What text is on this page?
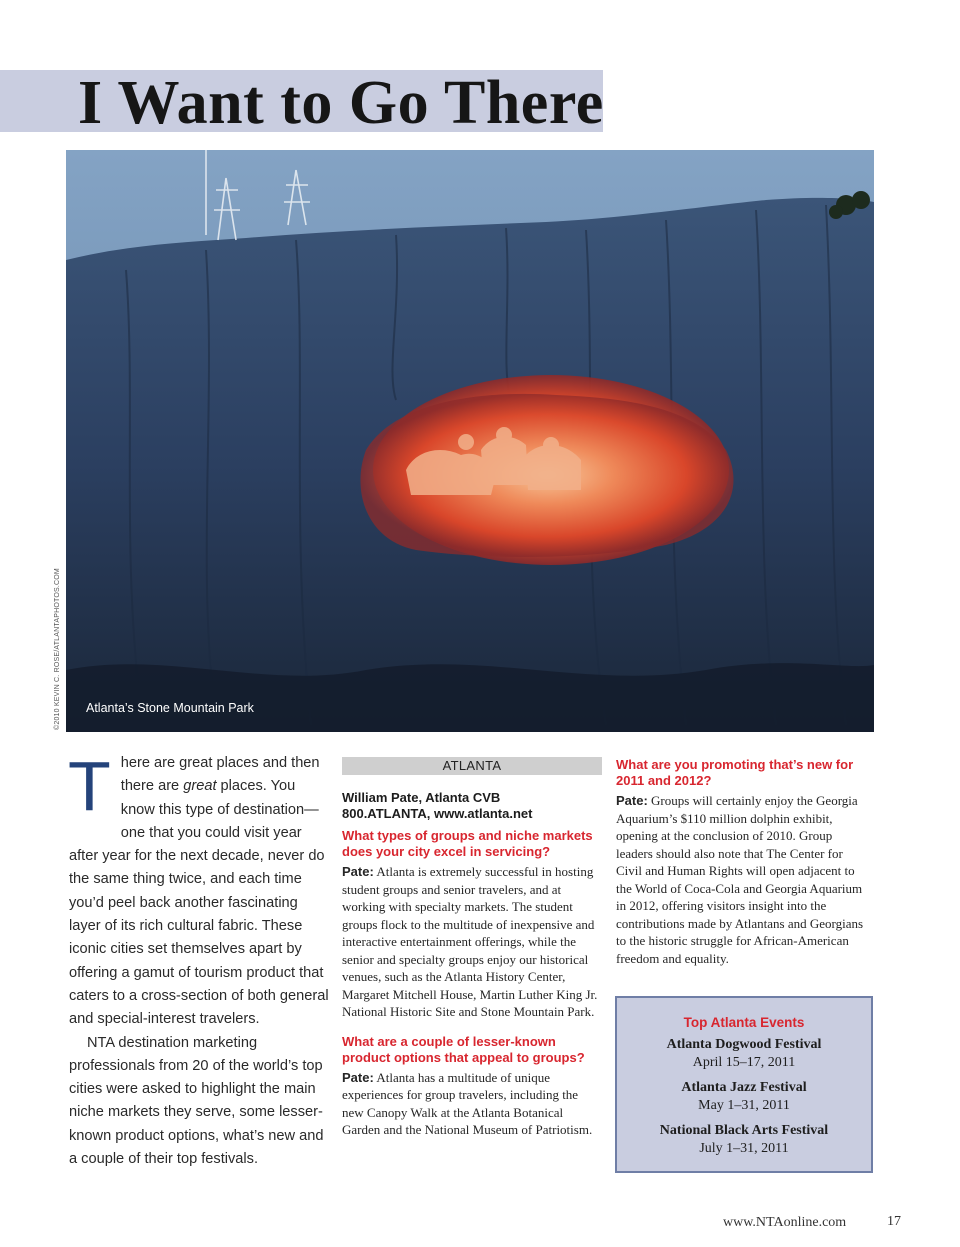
I Want to Go There
©2010 KEVIN C. ROSE/ATLANTAPHOTOS.COM Atlanta’s Stone Mountain Park

There are great places and then there are great places. You know this type of destination—one that you could visit year after year for the next decade, never do the same thing twice, and each time you’d peel back another fascinating layer of its rich cultural fabric. These iconic cities set themselves apart by offering a gamut of tourism product that caters to a cross-section of both general and special-interest travelers.

NTA destination marketing professionals from 20 of the world’s top cities were asked to highlight the main niche markets they serve, some lesser-known product options, what’s new and a couple of their top festivals.

ATLANTA
William Pate, Atlanta CVB
800.ATLANTA, www.atlanta.net
What types of groups and niche markets does your city excel in servicing?
Pate: Atlanta is extremely successful in hosting student groups and senior travelers, and at working with specialty markets. The student groups flock to the multitude of inexpensive and interactive entertainment offerings, while the senior and specialty groups enjoy our historical venues, such as the Atlanta History Center, Margaret Mitchell House, Martin Luther King Jr. National Historic Site and Stone Mountain Park.
What are a couple of lesser-known product options that appeal to groups?
Pate: Atlanta has a multitude of unique experiences for group travelers, including the new Canopy Walk at the Atlanta Botanical Garden and the National Museum of Patriotism.
What are you promoting that’s new for 2011 and 2012?
Pate: Groups will certainly enjoy the Georgia Aquarium’s $110 million dolphin exhibit, opening at the conclusion of 2010. Group leaders should also note that The Center for Civil and Human Rights will open adjacent to the World of Coca-Cola and Georgia Aquarium in 2012, offering visitors insight into the contributions made by Atlantans and Georgians to the historic struggle for African-American freedom and equality.
Top Atlanta Events
Atlanta Dogwood Festival
April 15–17, 2011
Atlanta Jazz Festival
May 1–31, 2011
National Black Arts Festival
July 1–31, 2011
www.NTAonline.com	17
